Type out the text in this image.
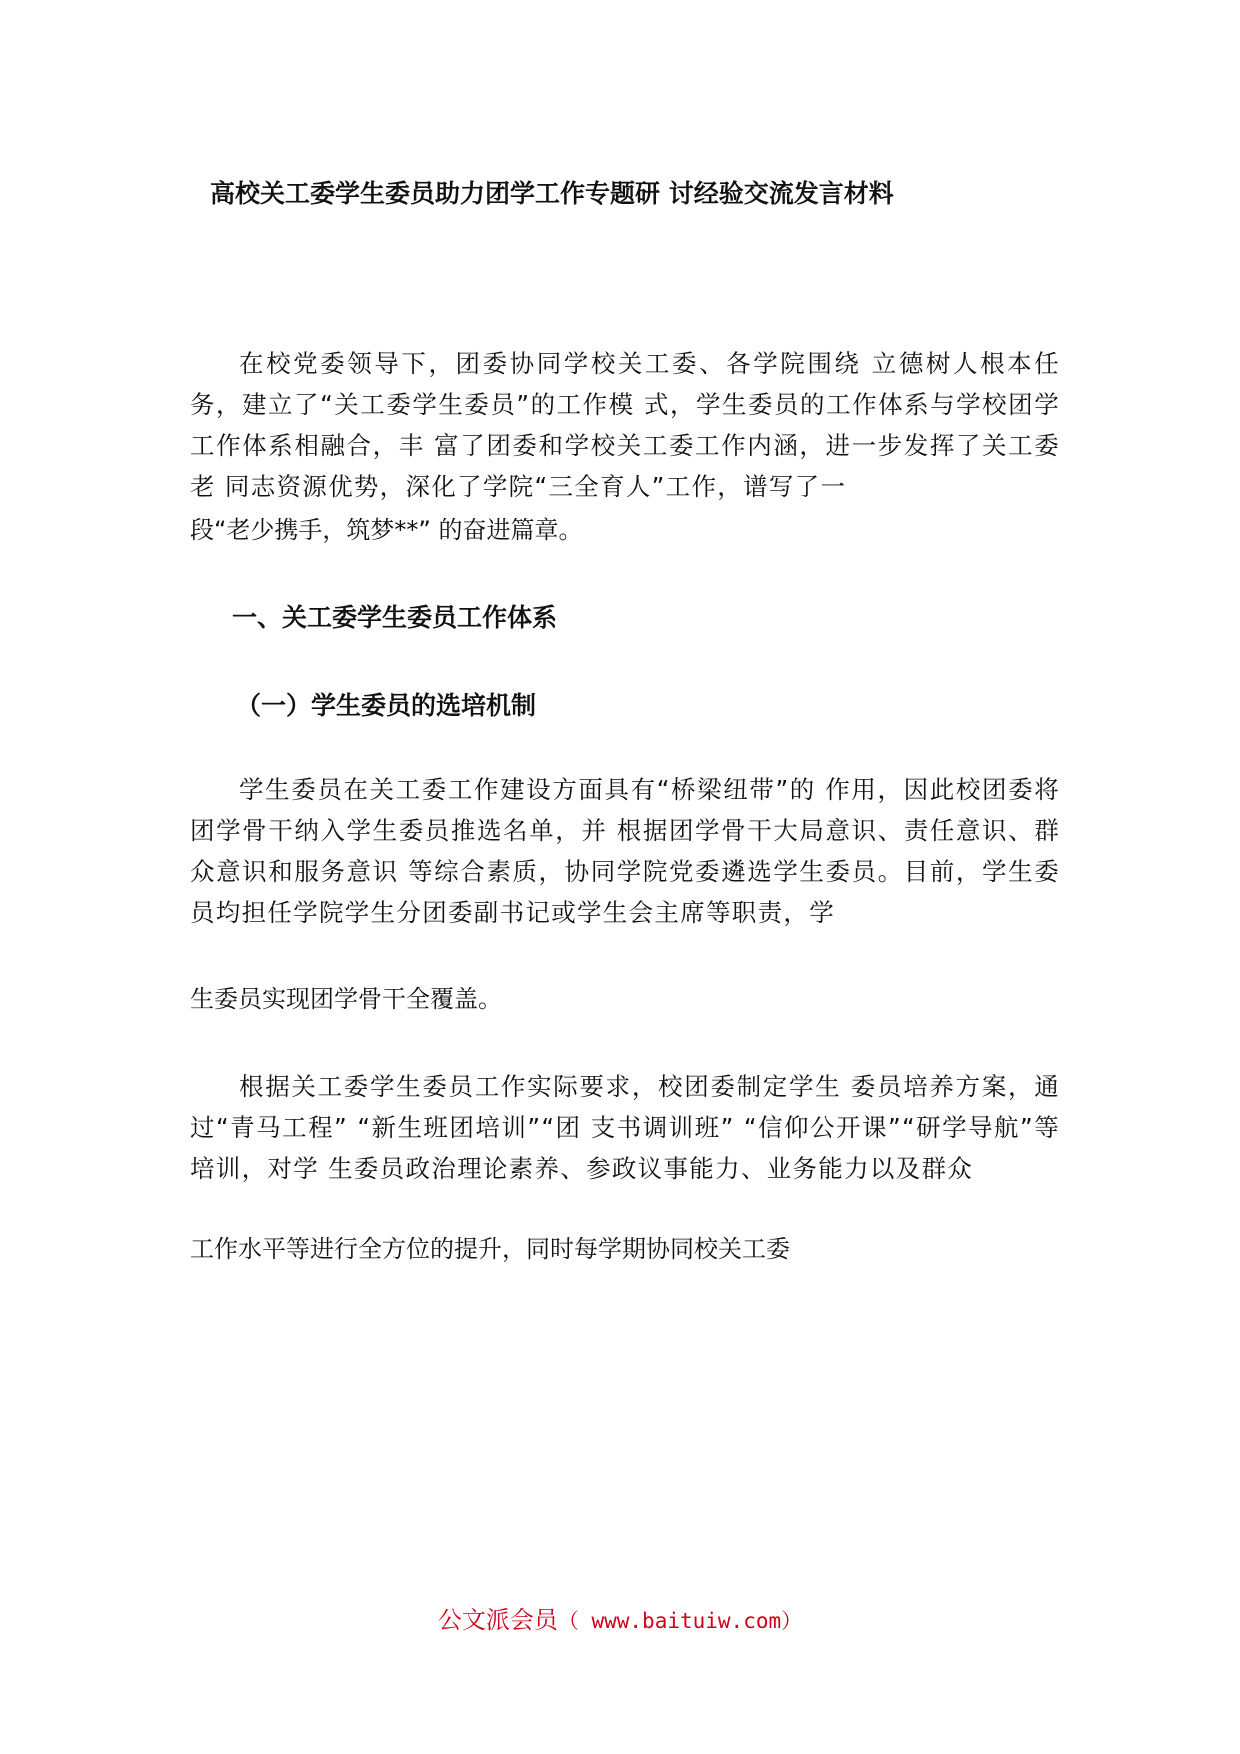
高校关工委学生委员助力团学工作专题研 讨经验交流发言材料

在校党委领导下，团委协同学校关工委、各学院围绕 立德树人根本任务，建立了“关工委学生委员”的工作模 式，学生委员的工作体系与学校团学工作体系相融合，丰 富了团委和学校关工委工作内涵，进一步发挥了关工委老 同志资源优势，深化了学院“三全育人”工作，谱写了一

段“老少携手，筑梦**” 的奋进篇章。

一、关工委学生委员工作体系
（一）学生委员的选培机制

学生委员在关工委工作建设方面具有“桥梁纽带”的 作用，因此校团委将团学骨干纳入学生委员推选名单，并 根据团学骨干大局意识、责任意识、群众意识和服务意识 等综合素质，协同学院党委遴选学生委员。目前，学生委 员均担任学院学生分团委副书记或学生会主席等职责，学

生委员实现团学骨干全覆盖。

根据关工委学生委员工作实际要求，校团委制定学生 委员培养方案，通过“青马工程” “新生班团培训”“团 支书调训班” “信仰公开课”“研学导航”等培训，对学 生委员政治理论素养、参政议事能力、业务能力以及群众

工作水平等进行全方位的提升，同时每学期协同校关工委

公文派会员（ www.baituiw.com）
